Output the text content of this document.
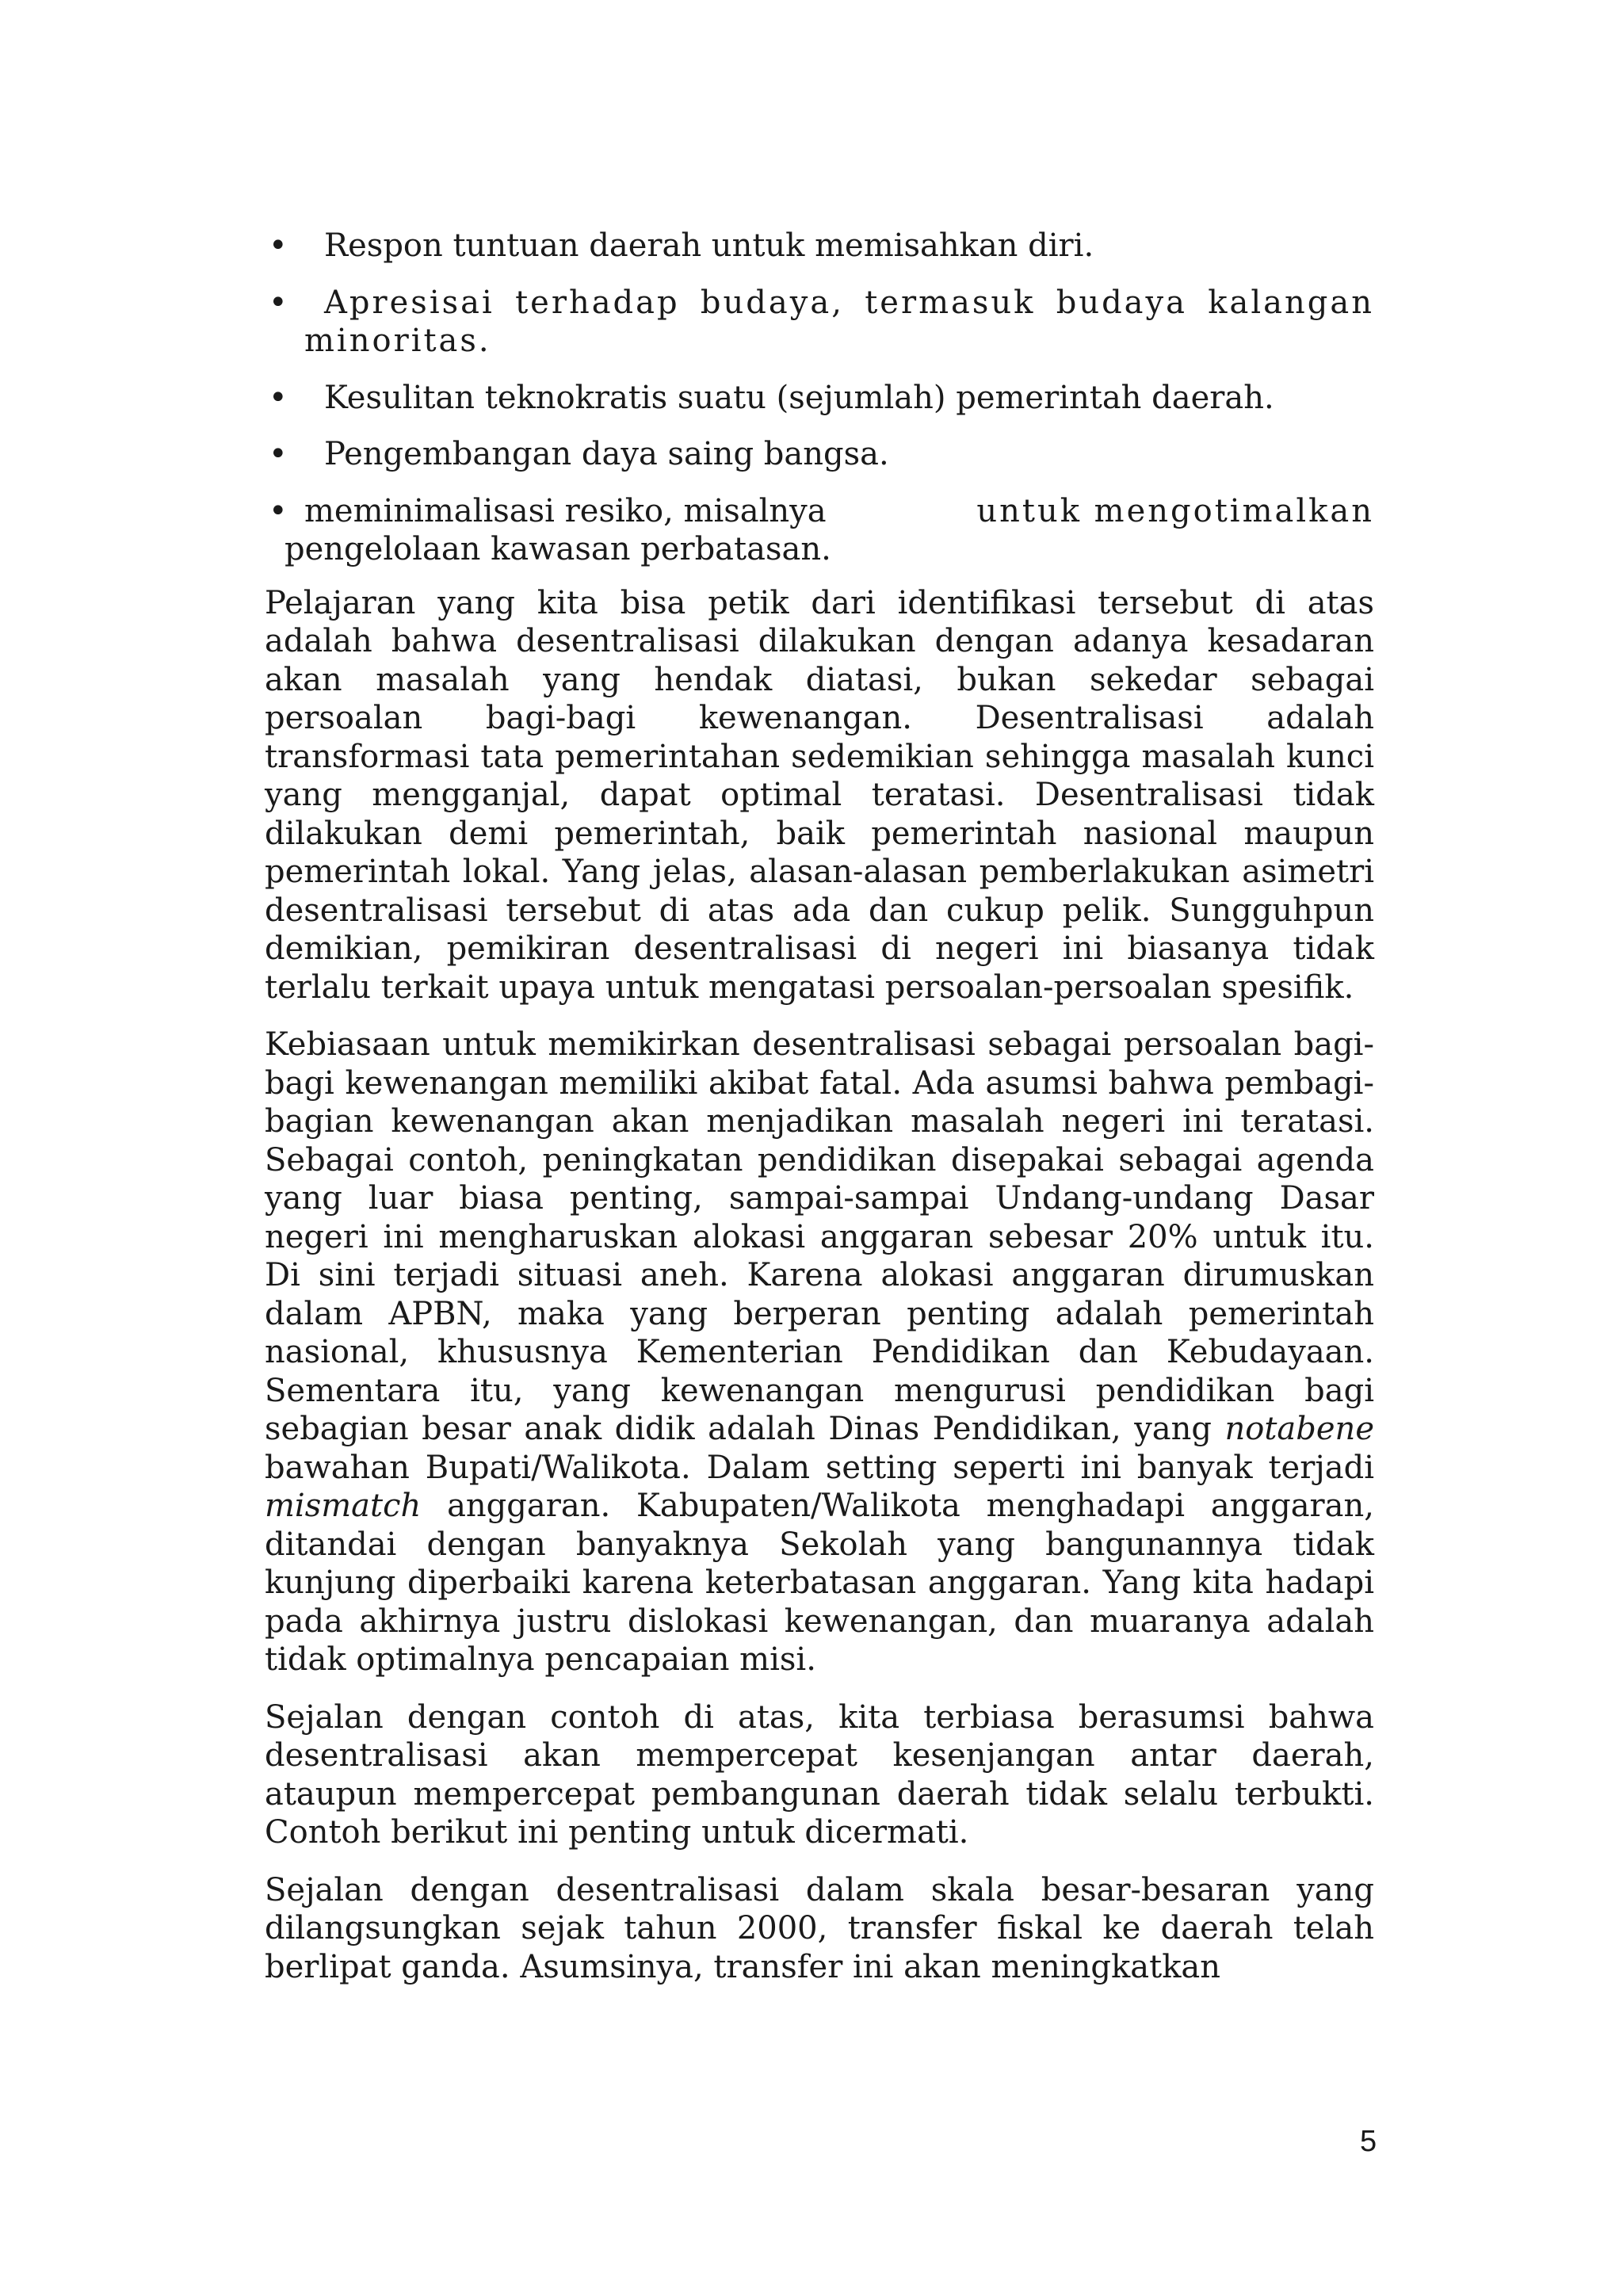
•	Respon tuntuan daerah untuk memisahkan diri.
•	Apresisai terhadap budaya, termasuk budaya kalangan minoritas.
•	Kesulitan teknokratis suatu (sejumlah) pemerintah daerah.
•	Pengembangan daya saing bangsa.
• meminimalisasi resiko, misalnya	untuk mengotimalkan
pengelolaan kawasan perbatasan.

Pelajaran yang kita bisa petik dari identifikasi tersebut di atas adalah bahwa desentralisasi dilakukan dengan adanya kesadaran akan masalah yang hendak diatasi, bukan sekedar sebagai persoalan bagi-bagi kewenangan. Desentralisasi adalah transformasi tata pemerintahan sedemikian sehingga masalah kunci yang mengganjal, dapat optimal teratasi. Desentralisasi tidak dilakukan demi pemerintah, baik pemerintah nasional maupun pemerintah lokal. Yang jelas, alasan-alasan pemberlakukan asimetri desentralisasi tersebut di atas ada dan cukup pelik. Sungguhpun demikian, pemikiran desentralisasi di negeri ini biasanya tidak terlalu terkait upaya untuk mengatasi persoalan-persoalan spesifik.

Kebiasaan untuk memikirkan desentralisasi sebagai persoalan bagi-bagi kewenangan memiliki akibat fatal. Ada asumsi bahwa pembagi-bagian kewenangan akan menjadikan masalah negeri ini teratasi. Sebagai contoh, peningkatan pendidikan disepakai sebagai agenda yang luar biasa penting, sampai-sampai Undang-undang Dasar negeri ini mengharuskan alokasi anggaran sebesar 20% untuk itu. Di sini terjadi situasi aneh. Karena alokasi anggaran dirumuskan dalam APBN, maka yang berperan penting adalah pemerintah nasional, khususnya Kementerian Pendidikan dan Kebudayaan. Sementara itu, yang kewenangan mengurusi pendidikan bagi sebagian besar anak didik adalah Dinas Pendidikan, yang notabene bawahan Bupati/Walikota. Dalam setting seperti ini banyak terjadi mismatch anggaran. Kabupaten/Walikota menghadapi anggaran, ditandai dengan banyaknya Sekolah yang bangunannya tidak kunjung diperbaiki karena keterbatasan anggaran. Yang kita hadapi pada akhirnya justru dislokasi kewenangan, dan muaranya adalah tidak optimalnya pencapaian misi.

Sejalan dengan contoh di atas, kita terbiasa berasumsi bahwa desentralisasi akan mempercepat kesenjangan antar daerah, ataupun mempercepat pembangunan daerah tidak selalu terbukti. Contoh berikut ini penting untuk dicermati.

Sejalan dengan desentralisasi dalam skala besar-besaran yang dilangsungkan sejak tahun 2000, transfer fiskal ke daerah telah berlipat ganda. Asumsinya, transfer ini akan meningkatkan

5
